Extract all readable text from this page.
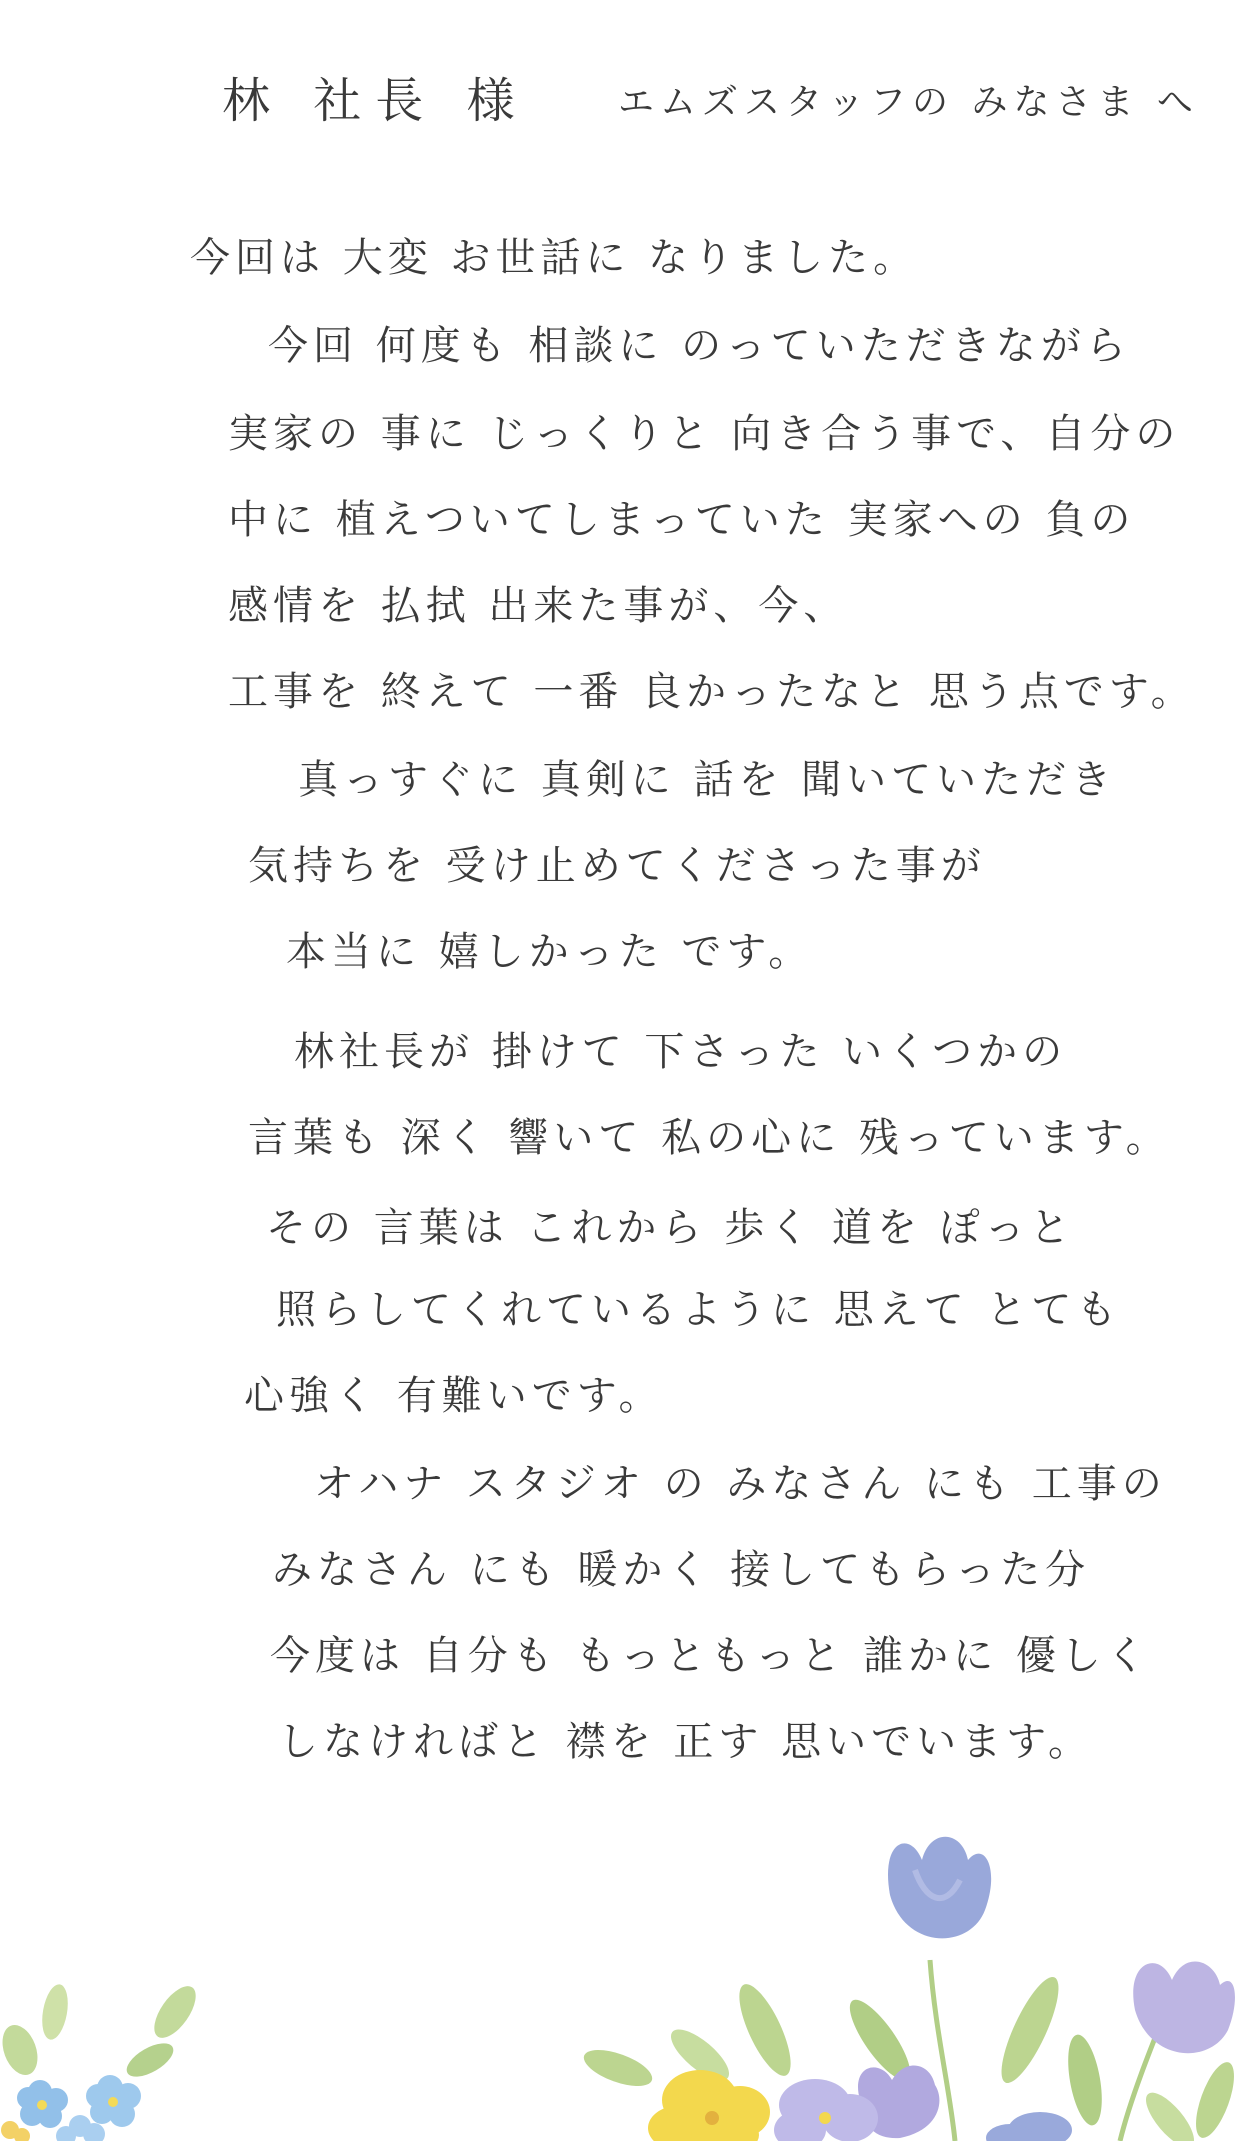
林 社長 様 エムズスタッフの みなさま へ
今回は 大変 お世話に なりました。
今回 何度も 相談に のっていただきながら
実家の 事に じっくりと 向き合う事で、自分の
中に 植えついてしまっていた 実家への 負の
感情を 払拭 出来た事が、今、
工事を 終えて 一番 良かったなと 思う点です。
真っすぐに 真剣に 話を 聞いていただき
気持ちを 受け止めてくださった事が
本当に 嬉しかった です。
林社長が 掛けて 下さった いくつかの
言葉も 深く 響いて 私の心に 残っています。
その 言葉は これから 歩く 道を ぽっと
照らしてくれているように 思えて とても
心強く 有難いです。
オハナ スタジオ の みなさん にも 工事の
みなさん にも 暖かく 接してもらった分
今度は 自分も もっともっと 誰かに 優しく
しなければと 襟を 正す 思いでいます。
